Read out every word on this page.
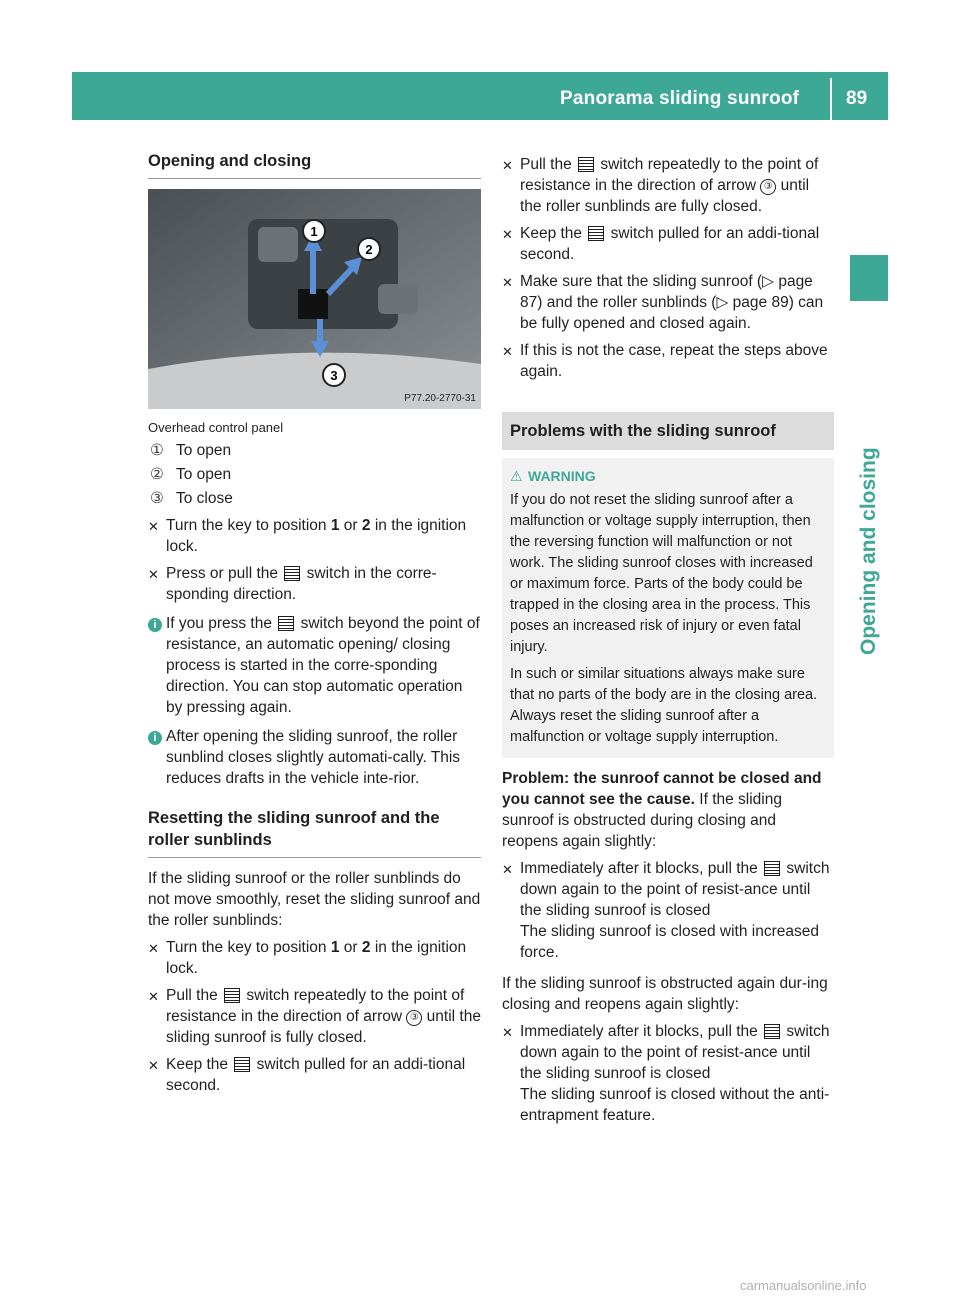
Panorama sliding sunroof 89
Opening and closing
Opening and closing
1
2
3
P77.20-2770-31
Overhead control panel
① To open
② To open
③ To close
✕ Turn the key to position 1 or 2 in the ignition lock.
✕ Press or pull the  switch in the corre-sponding direction.
i If you press the  switch beyond the point of resistance, an automatic opening/ closing process is started in the corre-sponding direction. You can stop automatic operation by pressing again.
i After opening the sliding sunroof, the roller sunblind closes slightly automati-cally. This reduces drafts in the vehicle inte-rior.
Resetting the sliding sunroof and the roller sunblinds
If the sliding sunroof or the roller sunblinds do not move smoothly, reset the sliding sunroof and the roller sunblinds:
✕ Turn the key to position 1 or 2 in the ignition lock.
✕ Pull the  switch repeatedly to the point of resistance in the direction of arrow ③ until the sliding sunroof is fully closed.
✕ Keep the  switch pulled for an addi-tional second.
✕ Pull the  switch repeatedly to the point of resistance in the direction of arrow ③ until the roller sunblinds are fully closed.
✕ Keep the  switch pulled for an addi-tional second.
✕ Make sure that the sliding sunroof (▷ page 87) and the roller sunblinds (▷ page 89) can be fully opened and closed again.
✕ If this is not the case, repeat the steps above again.
Problems with the sliding sunroof
⚠ WARNING
If you do not reset the sliding sunroof after a malfunction or voltage supply interruption, then the reversing function will malfunction or not work. The sliding sunroof closes with increased or maximum force. Parts of the body could be trapped in the closing area in the process. This poses an increased risk of injury or even fatal injury.
In such or similar situations always make sure that no parts of the body are in the closing area. Always reset the sliding sunroof after a malfunction or voltage supply interruption.
Problem: the sunroof cannot be closed and you cannot see the cause. If the sliding sunroof is obstructed during closing and reopens again slightly:
✕ Immediately after it blocks, pull the  switch down again to the point of resist-ance until the sliding sunroof is closed
The sliding sunroof is closed with increased force.
If the sliding sunroof is obstructed again dur-ing closing and reopens again slightly:
✕ Immediately after it blocks, pull the  switch down again to the point of resist-ance until the sliding sunroof is closed
The sliding sunroof is closed without the anti-entrapment feature.
carmanualsonline.info
